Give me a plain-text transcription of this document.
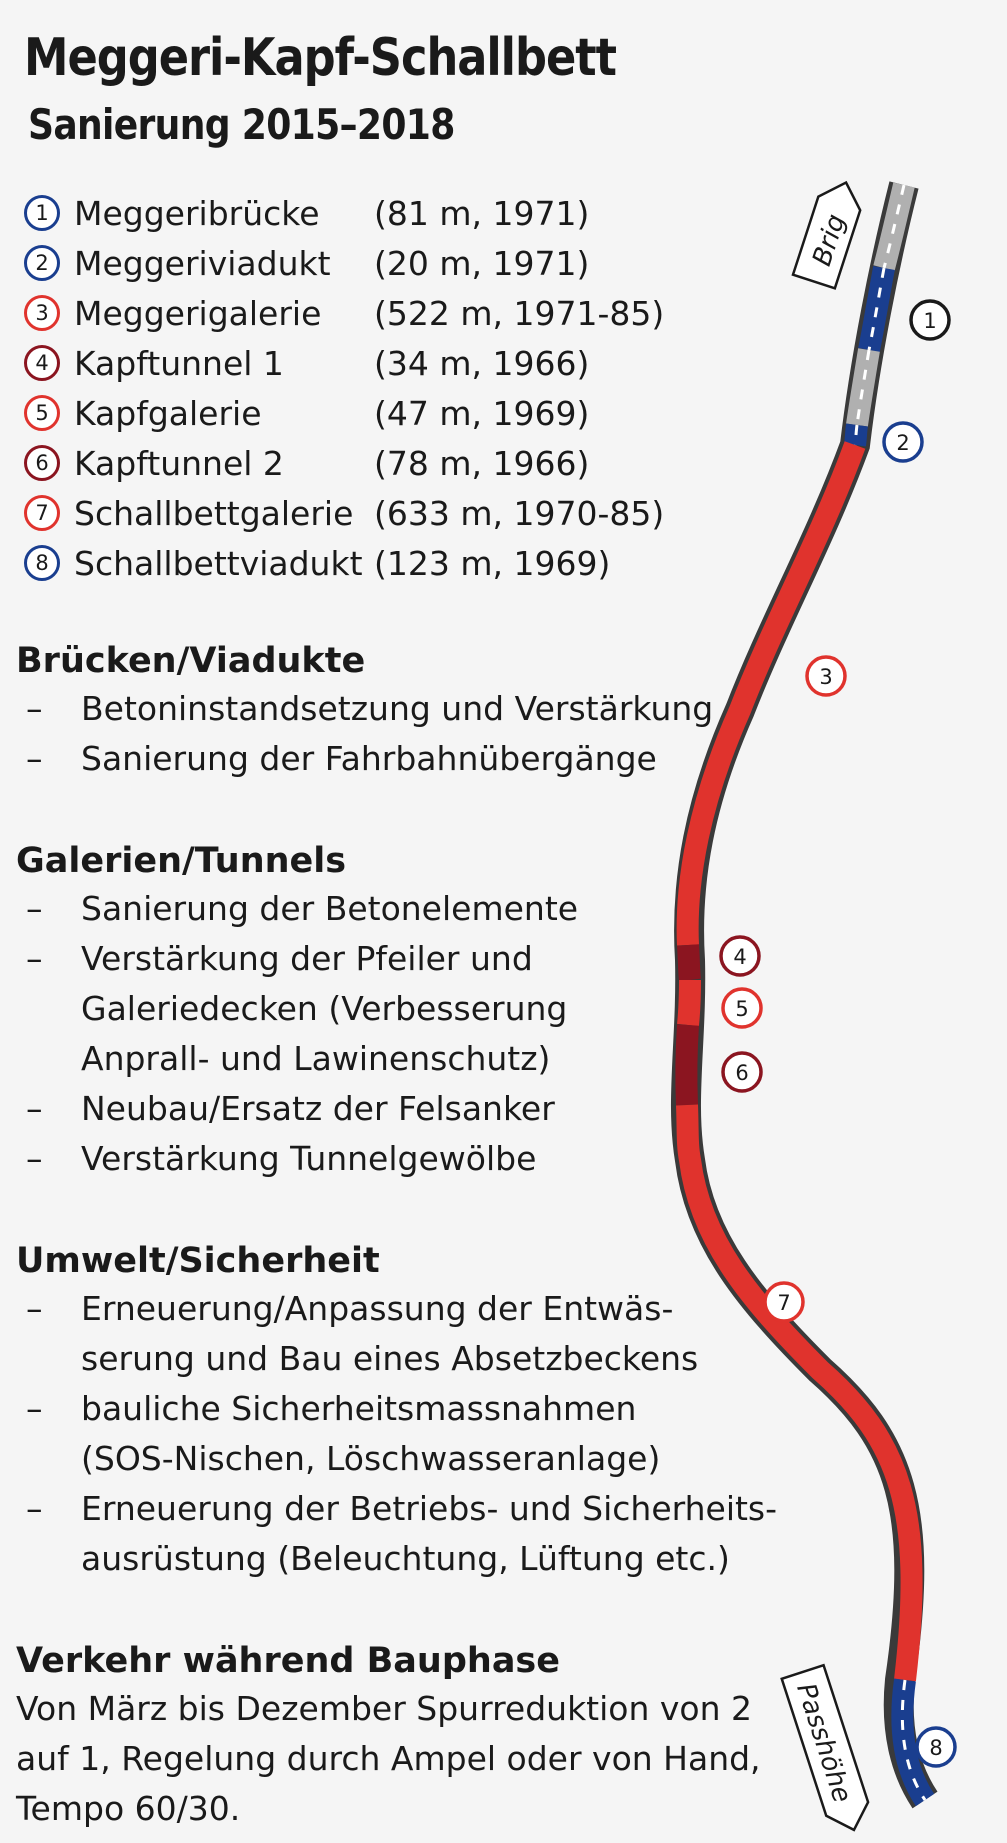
Meggeri-Kapf-Schallbett
Sanierung 2015–2018
1 Meggeribrücke	(81 m, 1971)
2 Meggeriviadukt	(20 m, 1971)
3 Meggerigalerie	(522 m, 1971-85)
4 Kapftunnel 1	(34 m, 1966)
5 Kapfgalerie	(47 m, 1969)
6 Kapftunnel 2	(78 m, 1966)
7 Schallbettgalerie (633 m, 1970-85)
8 Schallbettviadukt (123 m, 1969)
Brücken/Viadukte
– Betoninstandsetzung und Verstärkung
– Sanierung der Fahrbahnübergänge
Galerien/Tunnels
– Sanierung der Betonelemente
– Verstärkung der Pfeiler und
Galeriedecken (Verbesserung
Anprall- und Lawinenschutz)
– Neubau/Ersatz der Felsanker
– Verstärkung Tunnelgewölbe
Umwelt/Sicherheit
– Erneuerung/Anpassung der Entwäs-
serung und Bau eines Absetzbeckens
– bauliche Sicherheitsmassnahmen
(SOS-Nischen, Löschwasseranlage)
– Erneuerung der Betriebs- und Sicherheits-
ausrüstung (Beleuchtung, Lüftung etc.)
Verkehr während Bauphase

Von März bis Dezember Spurreduktion von 2

auf 1, Regelung durch Ampel oder von Hand,

Tempo 60/30.

Brig
Passhöhe
1
2
3
4
5
6
7
8
